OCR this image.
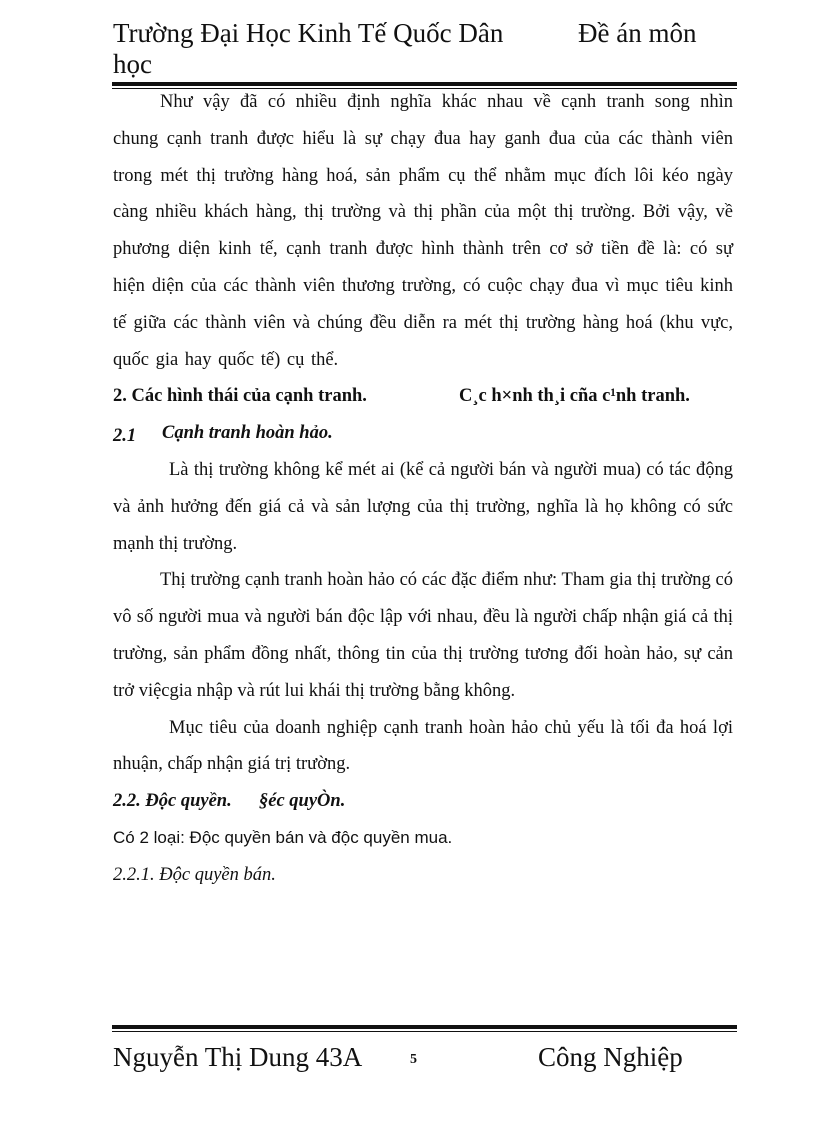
Trường Đại Học Kinh Tế Quốc Dân học
Đề án môn

Như vậy đã có nhiều định nghĩa khác nhau về cạnh tranh song nhìn chung cạnh tranh được hiểu là sự chạy đua hay ganh đua của các thành viên trong mét thị trường hàng hoá, sản phẩm cụ thể nhằm mục đích lôi kéo ngày càng nhiều khách hàng, thị trường và thị phần của một thị trường. Bởi vậy, về phương diện kinh tế, cạnh tranh được hình thành trên cơ sở tiền đề là: có sự hiện diện của các thành viên thương trường, có cuộc chạy đua vì mục tiêu kinh tế giữa các thành viên và chúng đều diễn ra mét thị trường hàng hoá (khu vực, quốc gia hay quốc tế) cụ thể.

2. Các hình thái của cạnh tranh.	C¸c h×nh th¸i cña c¹nh tranh.
2.1 Cạnh tranh hoàn hảo.

Là thị trường không kể mét ai (kể cả người bán và người mua) có tác động và ảnh hưởng đến giá cả và sản lượng của thị trường, nghĩa là họ không có sức mạnh thị trường.

Thị trường cạnh tranh hoàn hảo có các đặc điểm như: Tham gia thị trường có vô số người mua và người bán độc lập với nhau, đều là người chấp nhận giá cả thị trường, sản phẩm đồng nhất, thông tin của thị trường tương đối hoàn hảo, sự cản trở việcgia nhập và rút lui khái thị trường bằng không.

Mục tiêu của doanh nghiệp cạnh tranh hoàn hảo chủ yếu là tối đa hoá lợi nhuận, chấp nhận giá trị trường.

2.2. Độc quyền. §éc quyÒn.
Có 2 loại: Độc quyền bán và độc quyền mua.
2.2.1. Độc quyền bán.
Nguyễn Thị Dung 43A	5	Công Nghiệp
